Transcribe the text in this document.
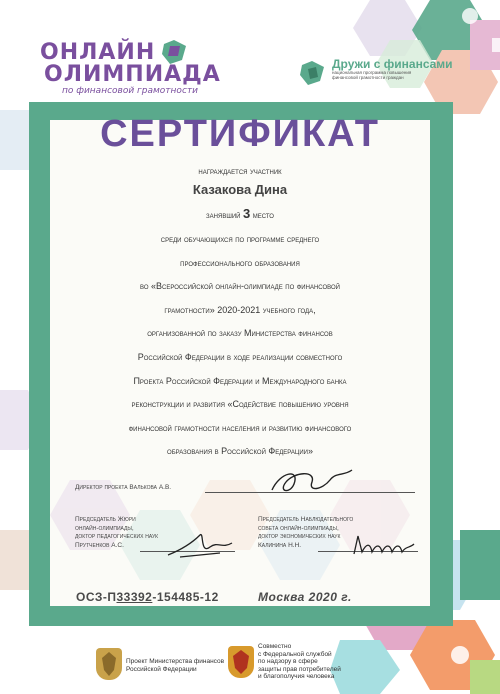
ОНЛАЙН
ОЛИМПИАДА
по финансовой грамотности
Дружи с финансами
национальная программа повышения финансовой грамотности граждан
СЕРТИФИКАТ
награждается участник
Казакова Дина
занявший 3 место
среди обучающихся по программе среднего
профессионального образования
во «Всероссийской онлайн-олимпиаде по финансовой
грамотности» 2020-2021 учебного года,
организованной по заказу Министерства финансов
Российской Федерации в ходе реализации совместного
Проекта Российской Федерации и Международного банка
реконструкции и развития «Содействие повышению уровня
финансовой грамотности населения и развитию финансового
образования в Российской Федерации»
Директор проекта Валькова А.В.
Председатель Жюри
онлайн-олимпиады,
доктор педагогических наук
Прутченков А.С.
Председатель Наблюдательного
совета онлайн-олимпиады,
доктор экономических наук
Калинина Н.Н.
ОСЗ-П33392-154485-12	Москва 2020 г.
Проект Министерства финансов
Российской Федерации
Совместно
с Федеральной службой
по надзору в сфере
защиты прав потребителей
и благополучия человека
